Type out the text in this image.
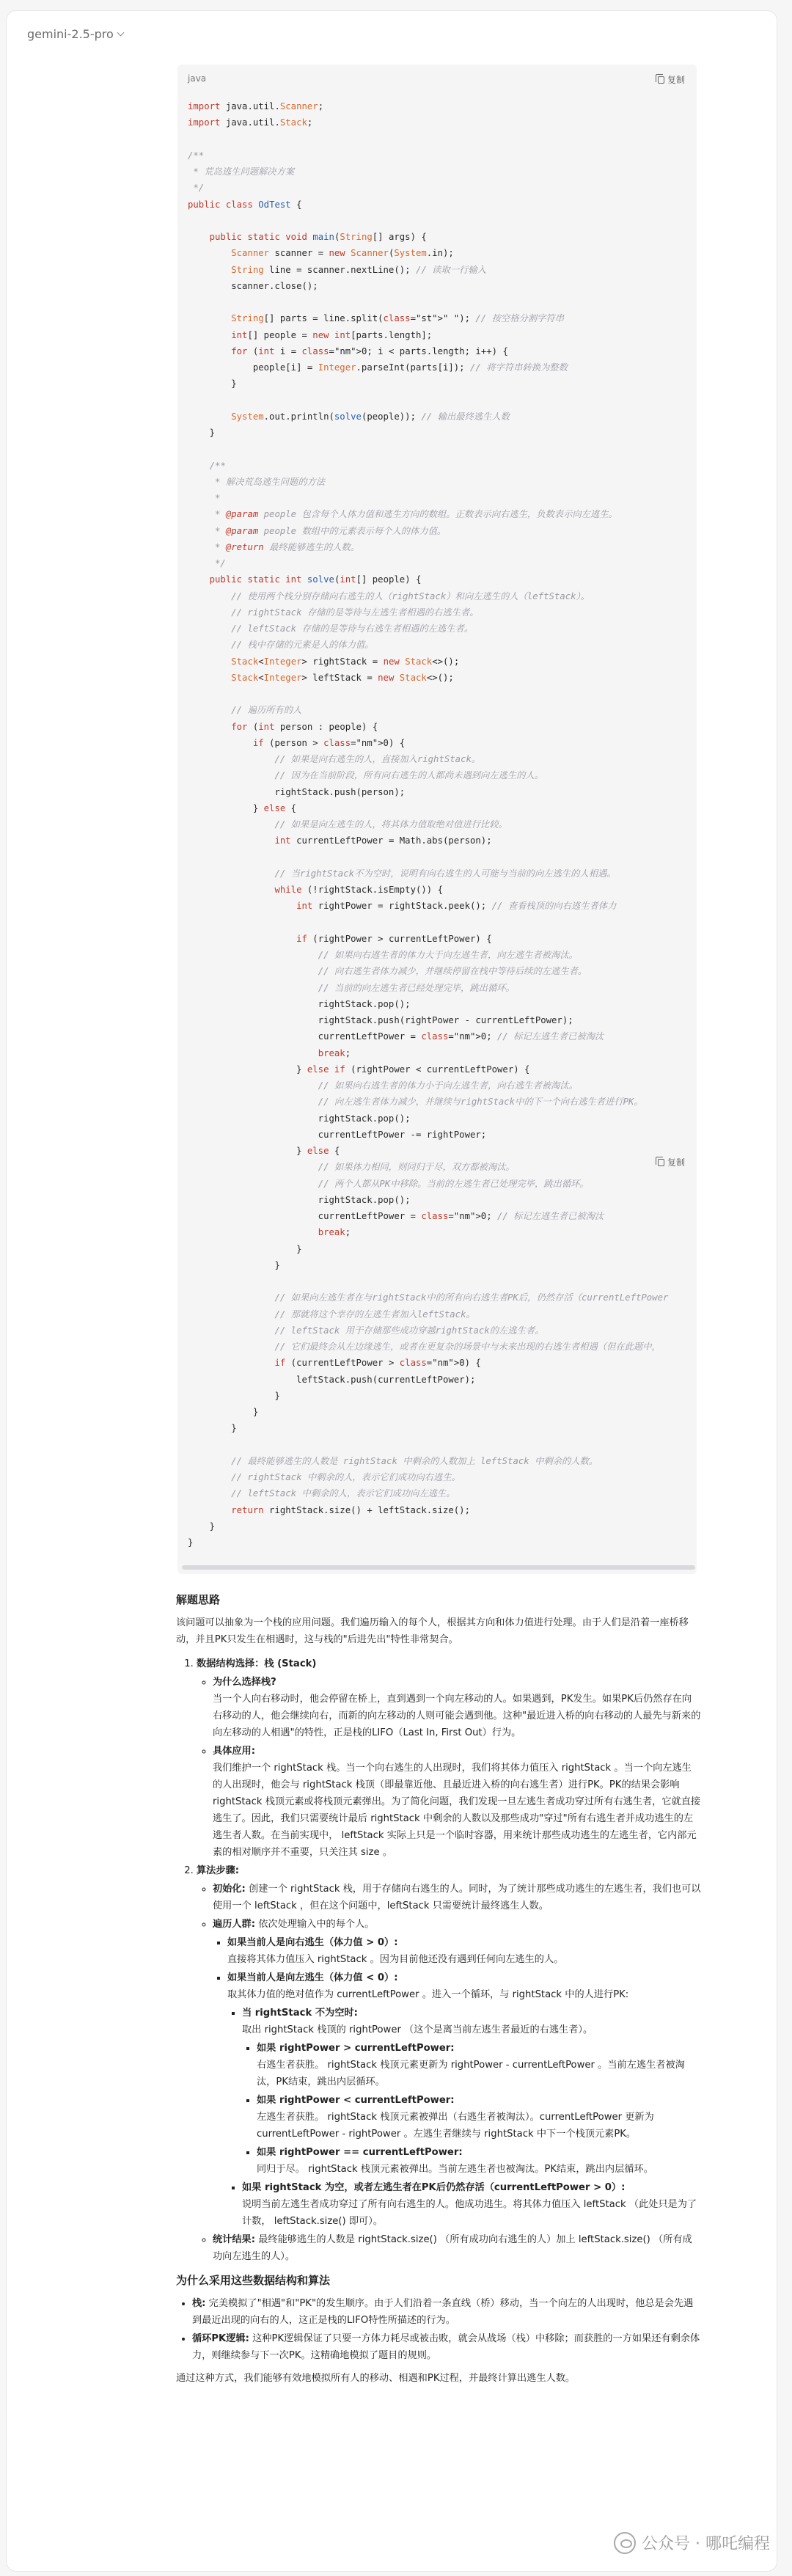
gemini-2.5-pro
java	复制
复制
import java.util.Scanner;
import java.util.Stack;

/**
* 荒岛逃生问题解决方案
*/
public class OdTest {

public static void main(String[] args) {
Scanner scanner = new Scanner(System.in);
String line = scanner.nextLine(); // 读取一行输入
scanner.close();

String[] parts = line.split(class="st">" "); // 按空格分割字符串
int[] people = new int[parts.length];
for (int i = class="nm">0; i < parts.length; i++) {
people[i] = Integer.parseInt(parts[i]); // 将字符串转换为整数
}

System.out.println(solve(people)); // 输出最终逃生人数
}

/**
* 解决荒岛逃生问题的方法
*
* @param people 包含每个人体力值和逃生方向的数组。正数表示向右逃生，负数表示向左逃生。
* @param people 数组中的元素表示每个人的体力值。
* @return 最终能够逃生的人数。
*/
public static int solve(int[] people) {
// 使用两个栈分别存储向右逃生的人（rightStack）和向左逃生的人（leftStack）。
// rightStack 存储的是等待与左逃生者相遇的右逃生者。
// leftStack 存储的是等待与右逃生者相遇的左逃生者。
// 栈中存储的元素是人的体力值。
Stack<Integer> rightStack = new Stack<>();
Stack<Integer> leftStack = new Stack<>();

// 遍历所有的人
for (int person : people) {
if (person > class="nm">0) {
// 如果是向右逃生的人，直接加入rightStack。
// 因为在当前阶段，所有向右逃生的人都尚未遇到向左逃生的人。
rightStack.push(person);
} else {
// 如果是向左逃生的人，将其体力值取绝对值进行比较。
int currentLeftPower = Math.abs(person);

// 当rightStack不为空时，说明有向右逃生的人可能与当前的向左逃生的人相遇。
while (!rightStack.isEmpty()) {
int rightPower = rightStack.peek(); // 查看栈顶的向右逃生者体力

if (rightPower > currentLeftPower) {
// 如果向右逃生者的体力大于向左逃生者，向左逃生者被淘汰。
// 向右逃生者体力减少，并继续停留在栈中等待后续的左逃生者。
// 当前的向左逃生者已经处理完毕，跳出循环。
rightStack.pop();
rightStack.push(rightPower - currentLeftPower);
currentLeftPower = class="nm">0; // 标记左逃生者已被淘汰
break;
} else if (rightPower < currentLeftPower) {
// 如果向右逃生者的体力小于向左逃生者，向右逃生者被淘汰。
// 向左逃生者体力减少，并继续与rightStack中的下一个向右逃生者进行PK。
rightStack.pop();
currentLeftPower -= rightPower;
} else {
// 如果体力相同，则同归于尽，双方都被淘汰。
// 两个人都从PK中移除。当前的左逃生者已处理完毕，跳出循环。
rightStack.pop();
currentLeftPower = class="nm">0; // 标记左逃生者已被淘汰
break;
}
}

// 如果向左逃生者在与rightStack中的所有向右逃生者PK后，仍然存活（currentLeftPower
// 那就将这个幸存的左逃生者加入leftStack。
// leftStack 用于存储那些成功穿越rightStack的左逃生者。
// 它们最终会从左边缘逃生，或者在更复杂的场景中与未来出现的右逃生者相遇（但在此题中，
if (currentLeftPower > class="nm">0) {
leftStack.push(currentLeftPower);
}
}
}

// 最终能够逃生的人数是 rightStack 中剩余的人数加上 leftStack 中剩余的人数。
// rightStack 中剩余的人，表示它们成功向右逃生。
// leftStack 中剩余的人，表示它们成功向左逃生。
return rightStack.size() + leftStack.size();
}
}
解题思路

该问题可以抽象为一个栈的应用问题。我们遍历输入的每个人，根据其方向和体力值进行处理。由于人们是沿着一座桥移动，并且PK只发生在相遇时，这与栈的"后进先出"特性非常契合。

1. 数据结构选择：栈 (Stack)
◦ 为什么选择栈?
当一个人向右移动时，他会停留在桥上，直到遇到一个向左移动的人。如果遇到，PK发生。如果PK后仍然存在向右移动的人，他会继续向右，而新的向左移动的人则可能会遇到他。这种"最近进入桥的向右移动的人最先与新来的向左移动的人相遇"的特性，正是栈的LIFO（Last In, First Out）行为。
◦ 具体应用:
我们维护一个 rightStack 栈。当一个向右逃生的人出现时，我们将其体力值压入 rightStack 。当一个向左逃生的人出现时，他会与 rightStack 栈顶（即最靠近他、且最近进入桥的向右逃生者）进行PK。PK的结果会影响 rightStack 栈顶元素或将栈顶元素弹出。为了简化问题，我们发现一旦左逃生者成功穿过所有右逃生者，它就直接逃生了。因此，我们只需要统计最后 rightStack 中剩余的人数以及那些成功"穿过"所有右逃生者并成功逃生的左逃生者人数。在当前实现中， leftStack 实际上只是一个临时容器，用来统计那些成功逃生的左逃生者，它内部元素的相对顺序并不重要，只关注其 size 。
2. 算法步骤:
◦ 初始化: 创建一个 rightStack 栈，用于存储向右逃生的人。同时，为了统计那些成功逃生的左逃生者，我们也可以使用一个 leftStack ，但在这个问题中，leftStack 只需要统计最终逃生人数。
◦ 遍历人群: 依次处理输入中的每个人。
▪ 如果当前人是向右逃生（体力值 > 0）:
直接将其体力值压入 rightStack 。因为目前他还没有遇到任何向左逃生的人。
▪ 如果当前人是向左逃生（体力值 < 0）:
取其体力值的绝对值作为 currentLeftPower 。进入一个循环，与 rightStack 中的人进行PK:
▪ 当 rightStack 不为空时:
取出 rightStack 栈顶的 rightPower （这个是离当前左逃生者最近的右逃生者）。
▪ 如果 rightPower > currentLeftPower:
右逃生者获胜。 rightStack 栈顶元素更新为 rightPower - currentLeftPower 。当前左逃生者被淘汰，PK结束，跳出内层循环。
▪ 如果 rightPower < currentLeftPower:
左逃生者获胜。 rightStack 栈顶元素被弹出（右逃生者被淘汰）。currentLeftPower 更新为 currentLeftPower - rightPower 。左逃生者继续与 rightStack 中下一个栈顶元素PK。
▪ 如果 rightPower == currentLeftPower:
同归于尽。 rightStack 栈顶元素被弹出。当前左逃生者也被淘汰。PK结束，跳出内层循环。
▪ 如果 rightStack 为空，或者左逃生者在PK后仍然存活（currentLeftPower > 0）:
说明当前左逃生者成功穿过了所有向右逃生的人。他成功逃生。将其体力值压入 leftStack （此处只是为了计数， leftStack.size() 即可）。
◦ 统计结果: 最终能够逃生的人数是 rightStack.size() （所有成功向右逃生的人）加上 leftStack.size() （所有成功向左逃生的人）。
为什么采用这些数据结构和算法
• 栈: 完美模拟了"相遇"和"PK"的发生顺序。由于人们沿着一条直线（桥）移动，当一个向左的人出现时，他总是会先遇到最近出现的向右的人，这正是栈的LIFO特性所描述的行为。
• 循环PK逻辑: 这种PK逻辑保证了只要一方体力耗尽或被击败，就会从战场（栈）中移除；而获胜的一方如果还有剩余体力，则继续参与下一次PK。这精确地模拟了题目的规则。

通过这种方式，我们能够有效地模拟所有人的移动、相遇和PK过程，并最终计算出逃生人数。

公众号 · 哪吒编程
